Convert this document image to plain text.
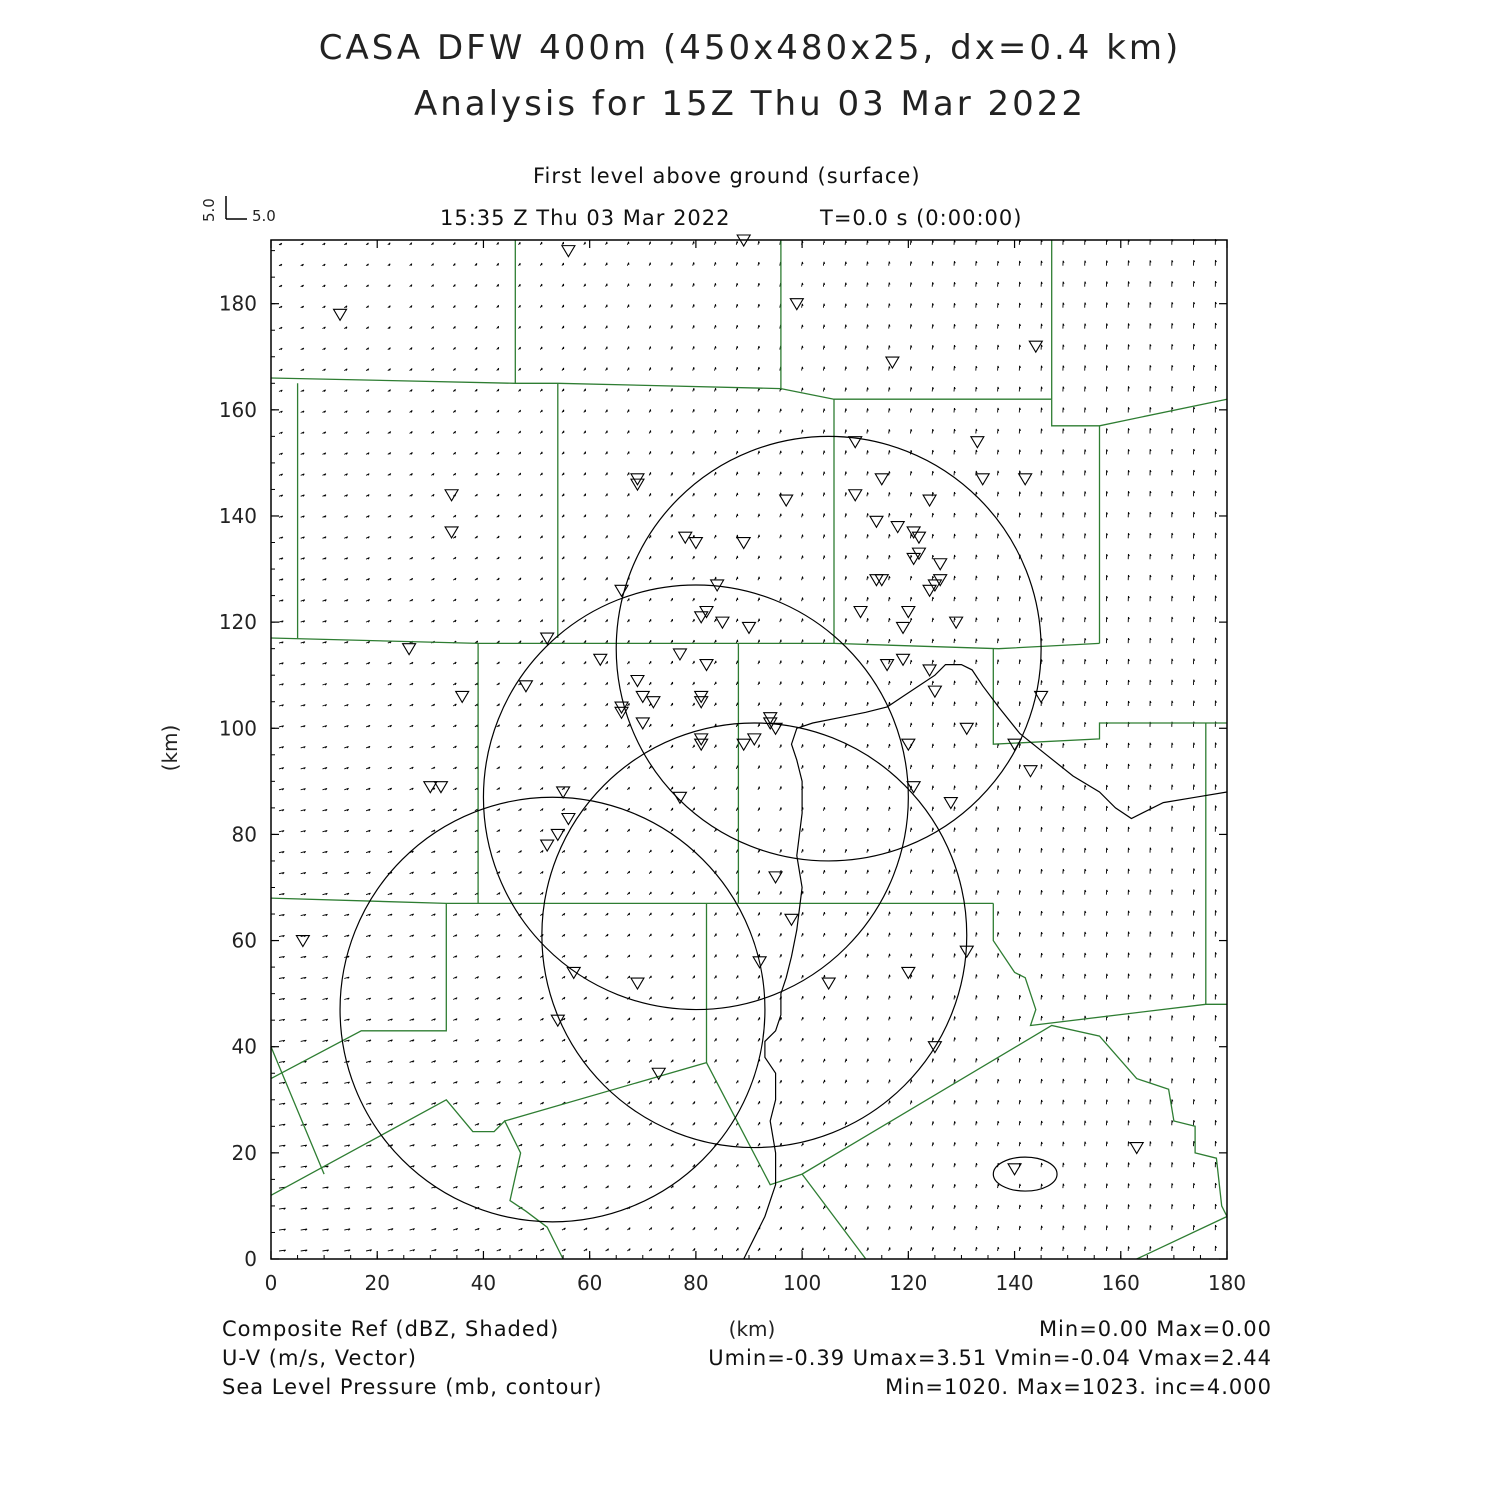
CASA DFW 400m (450x480x25, dx=0.4 km)
Analysis for 15Z Thu 03 Mar 2022
First level above ground (surface)
15:35 Z Thu 03 Mar 2022	T=0.0 s (0:00:00)
0	20	40	60	80	100	120	140	160	180
0
20
40
60
80
100
120
140
160
180
5.0 5.0
(km)
(km)
Composite Ref (dBZ, Shaded)	Min=0.00 Max=0.00
U-V (m/s, Vector)	Umin=-0.39 Umax=3.51 Vmin=-0.04 Vmax=2.44
Sea Level Pressure (mb, contour)	Min=1020. Max=1023. inc=4.000
